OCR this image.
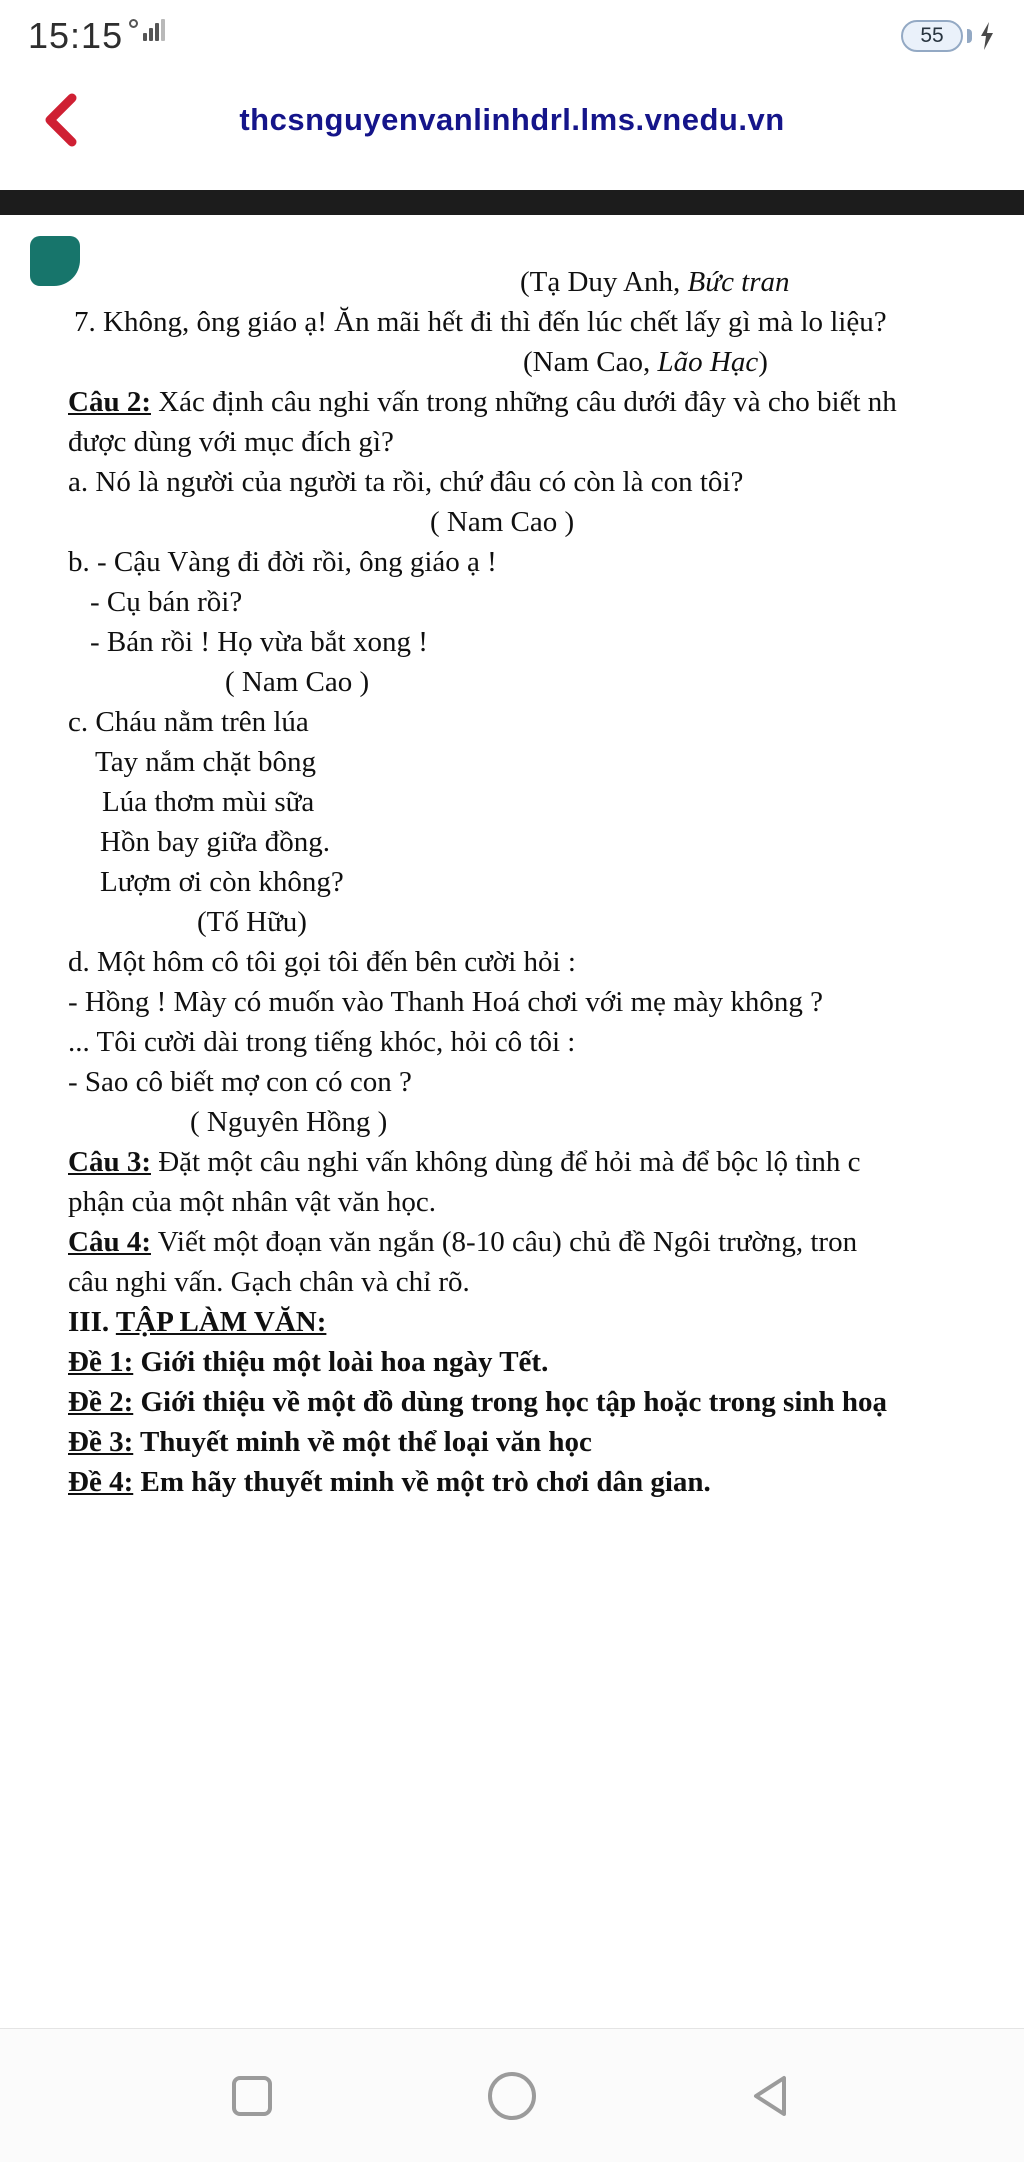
15:15	55
thcsnguyenvanlinhdrl.lms.vnedu.vn
(Tạ Duy Anh, Bức tran
7. Không, ông giáo ạ! Ăn mãi hết đi thì đến lúc chết lấy gì mà lo liệu?
(Nam Cao, Lão Hạc)
Câu 2: Xác định câu nghi vấn trong những câu dưới đây và cho biết nh
được dùng với mục đích gì?
a. Nó là người của người ta rồi, chứ đâu có còn là con tôi?
( Nam Cao )
b. - Cậu Vàng đi đời rồi, ông giáo ạ !
- Cụ bán rồi?
- Bán rồi ! Họ vừa bắt xong !
( Nam Cao )
c. Cháu nằm trên lúa
Tay nắm chặt bông
Lúa thơm mùi sữa
Hồn bay giữa đồng.
Lượm ơi còn không?
(Tố Hữu)
d. Một hôm cô tôi gọi tôi đến bên cười hỏi :
- Hồng ! Mày có muốn vào Thanh Hoá chơi với mẹ mày không ?
... Tôi cười dài trong tiếng khóc, hỏi cô tôi :
- Sao cô biết mợ con có con ?
( Nguyên Hồng )
Câu 3: Đặt một câu nghi vấn không dùng để hỏi mà để bộc lộ tình c
phận của một nhân vật văn học.
Câu 4: Viết một đoạn văn ngắn (8-10 câu) chủ đề Ngôi trường, tron
câu nghi vấn. Gạch chân và chỉ rõ.
III. TẬP LÀM VĂN:
Đề 1: Giới thiệu một loài hoa ngày Tết.
Đề 2: Giới thiệu về một đồ dùng trong học tập hoặc trong sinh hoạ
Đề 3: Thuyết minh về một thể loại văn học
Đề 4: Em hãy thuyết minh về một trò chơi dân gian.
